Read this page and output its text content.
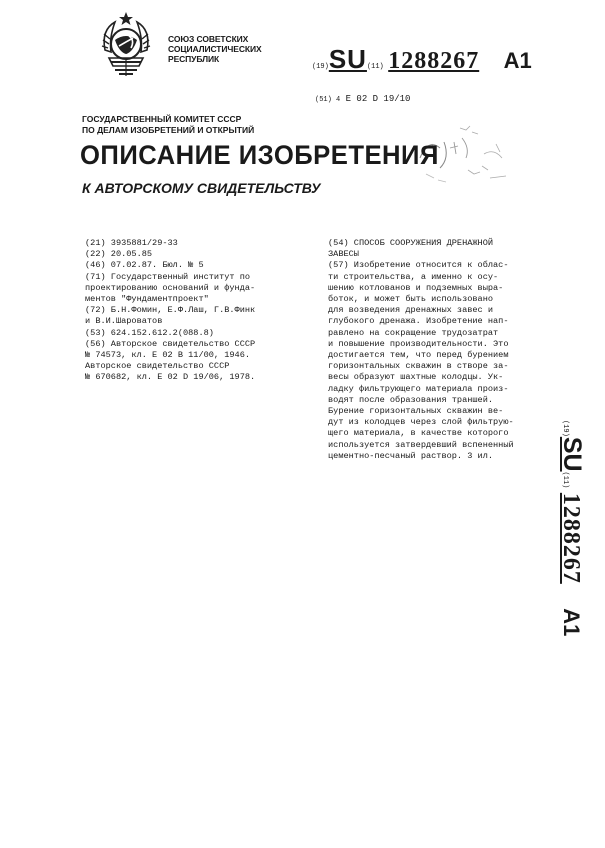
СОЮЗ СОВЕТСКИХ
СОЦИАЛИСТИЧЕСКИХ
РЕСПУБЛИК
(19)SU(11) 1288267 A1
(51) 4 E 02 D 19/10
ГОСУДАРСТВЕННЫЙ КОМИТЕТ СССР
ПО ДЕЛАМ ИЗОБРЕТЕНИЙ И ОТКРЫТИЙ
ОПИСАНИЕ ИЗОБРЕТЕНИЯ
К АВТОРСКОМУ СВИДЕТЕЛЬСТВУ
(21) 3935881/29-33
(22) 20.05.85
(46) 07.02.87. Бюл. № 5
(71) Государственный институт по
проектированию оснований и фунда-
ментов "Фундаментпроект"
(72) Б.Н.Фомин, Е.Ф.Лаш, Г.В.Финк
и В.И.Шароватов
(53) 624.152.612.2(088.8)
(56) Авторское свидетельство СССР
№ 74573, кл. Е 02 В 11/00, 1946.
Авторское свидетельство СССР
№ 670682, кл. Е 02 D 19/06, 1978.
(54) СПОСОБ СООРУЖЕНИЯ ДРЕНАЖНОЙ
ЗАВЕСЫ
(57) Изобретение относится к облас-
ти строительства, а именно к осу-
шению котлованов и подземных выра-
боток, и может быть использовано
для возведения дренажных завес и
глубокого дренажа. Изобретение нап-
равлено на сокращение трудозатрат
и повышение производительности. Это
достигается тем, что перед бурением
горизонтальных скважин в створе за-
весы образуют шахтные колодцы. Ук-
ладку фильтрующего материала произ-
водят после образования траншей.
Бурение горизонтальных скважин ве-
дут из колодцев через слой фильтрую-
щего материала, в качестве которого
используется затвердевший вспененный
цементно-песчаный раствор. 3 ил.
(19)SU(11) 1288267 A1
